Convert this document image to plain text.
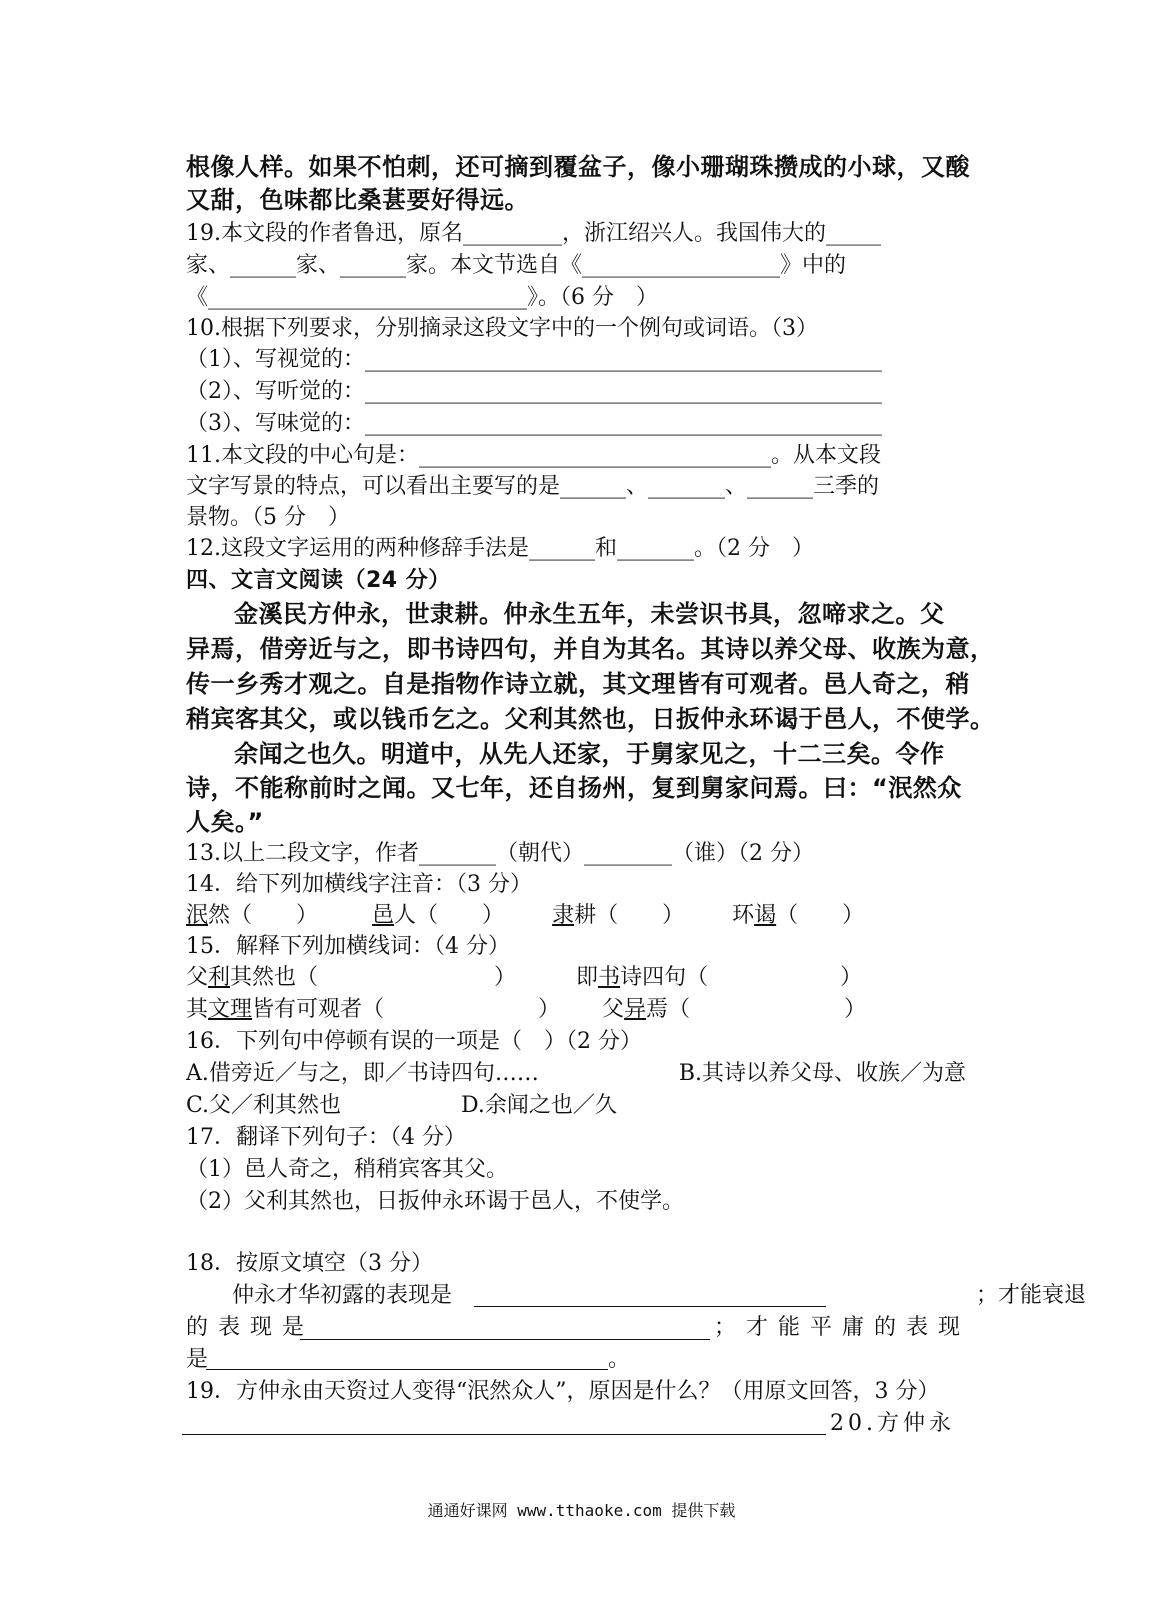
根像人样。如果不怕刺，还可摘到覆盆子，像小珊瑚珠攒成的小球，又酸
又甜，色味都比桑葚要好得远。
19.本文段的作者鲁迅，原名_________，浙江绍兴人。我国伟大的_____
家、______家、______家。本文节选自《__________________》中的
《_____________________________》。（6 分　）
10.根据下列要求，分别摘录这段文字中的一个例句或词语。（3）
（1）、写视觉的：_______________________________________________
（2）、写听觉的：_______________________________________________
（3）、写味觉的：_______________________________________________
11.本文段的中心句是：________________________________。从本文段
文字写景的特点，可以看出主要写的是______、_______、______三季的
景物。（5 分　）
12.这段文字运用的两种修辞手法是______和_______。（2 分　）
四、文言文阅读（24 分）
金溪民方仲永，世隶耕。仲永生五年，未尝识书具，忽啼求之。父
异焉，借旁近与之，即书诗四句，并自为其名。其诗以养父母、收族为意，
传一乡秀才观之。自是指物作诗立就，其文理皆有可观者。邑人奇之，稍
稍宾客其父，或以钱币乞之。父利其然也，日扳仲永环谒于邑人，不使学。
余闻之也久。明道中，从先人还家，于舅家见之，十二三矣。令作
诗，不能称前时之闻。又七年，还自扬州，复到舅家问焉。曰：“泯然众
人矣。”
13.以上二段文字，作者_______（朝代）________（谁）（2 分）
14．给下列加横线字注音：（3 分）
泯然（　　） 邑人（　　） 隶耕（　　） 环谒（　　）
15．解释下列加横线词：（4 分）
父利其然也（　　　　　　　　）	即书诗四句（　　　　　　）
其文理皆有可观者（　　　　　　　） 父异焉（　　　　　　　）
16．下列句中停顿有误的一项是（　）（2 分）
A.借旁近／与之，即／书诗四句……	B.其诗以养父母、收族／为意
C.父／利其然也	D.余闻之也／久
17．翻译下列句子：（4 分）
（1）邑人奇之，稍稍宾客其父。
（2）父利其然也，日扳仲永环谒于邑人，不使学。
18．按原文填空（3 分）
仲永才华初露的表现是	；才能衰退
的表现是	；才能平庸的表现
是	。
19．方仲永由天资过人变得“泯然众人”，原因是什么？（用原文回答，3 分）
20.方仲永
通通好课网 www.tthaoke.com 提供下载
